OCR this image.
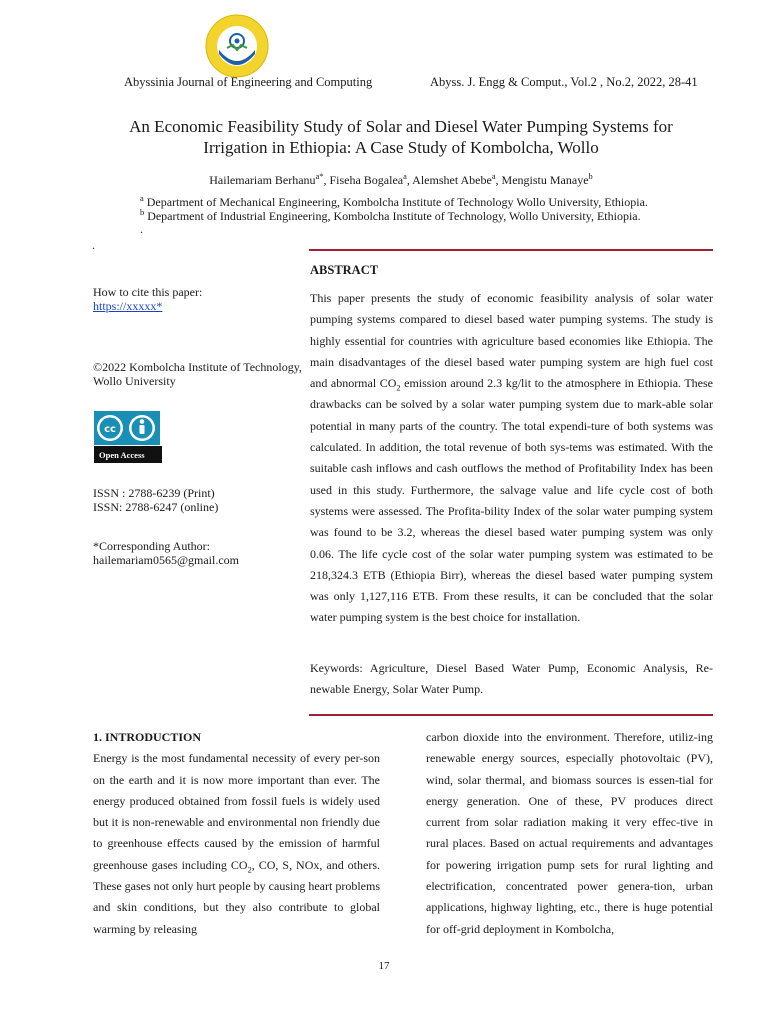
Abyssinia Journal of Engineering and Computing	Abyss. J. Engg & Comput., Vol.2 , No.2, 2022, 28-41
An Economic Feasibility Study of Solar and Diesel Water Pumping Systems for
Irrigation in Ethiopia: A Case Study of Kombolcha, Wollo
Hailemariam Berhanu$^{a*}$, Fiseha Bogalea$^a$, Alemshet Abebe$^a$, Mengistu Manaye$^b$
$^a$ Department of Mechanical Engineering, Kombolcha Institute of Technology Wollo University, Ethiopia.
$^b$ Department of Industrial Engineering, Kombolcha Institute of Technology, Wollo University, Ethiopia.
.
.
ABSTRACT
This paper presents the study of economic feasibility analysis of solar water pumping systems compared to diesel based water pumping systems. The study is highly essential for countries with agriculture based economies like Ethiopia. The main disadvantages of the diesel based water pumping system are high fuel cost and abnormal $CO_2$ emission around 2.3 kg/lit to the atmosphere in Ethiopia. These drawbacks can be solved by a solar water pumping system due to mark-able solar potential in many parts of the country. The total expendi-ture of both systems was calculated. In addition, the total revenue of both sys-tems was estimated. With the suitable cash inflows and cash outflows the method of Profitability Index has been used in this study. Furthermore, the salvage value and life cycle cost of both systems were assessed. The Profita-bility Index of the solar water pumping system was found to be 3.2, whereas the diesel based water pumping system was only 0.06. The life cycle cost of the solar water pumping system was estimated to be 218,324.3 ETB (Ethiopia Birr), whereas the diesel based water pumping system was only 1,127,116 ETB. From these results, it can be concluded that the solar water pumping system is the best choice for installation.
Keywords: Agriculture, Diesel Based Water Pump, Economic Analysis, Re-newable Energy, Solar Water Pump.
How to cite this paper:
https://xxxxx*
©2022 Kombolcha Institute of Technology, Wollo University
cc
Open Access
ISSN : 2788-6239 (Print)
ISSN: 2788-6247 (online)
*Corresponding Author: hailemariam0565@gmail.com
1. INTRODUCTION
Energy is the most fundamental necessity of every per-son on the earth and it is now more important than ever. The energy produced obtained from fossil fuels is widely used but it is non-renewable and environmental non friendly due to greenhouse effects caused by the emission of harmful greenhouse gases including $CO_2$, CO, S, NOx, and others. These gases not only hurt people by causing heart problems and skin conditions, but they also contribute to global warming by releasing
carbon dioxide into the environment. Therefore, utiliz-ing renewable energy sources, especially photovoltaic (PV), wind, solar thermal, and biomass sources is essen-tial for energy generation. One of these, PV produces direct current from solar radiation making it very effec-tive in rural places. Based on actual requirements and advantages for powering irrigation pump sets for rural lighting and electrification, concentrated power genera-tion, urban applications, highway lighting, etc., there is huge potential for off-grid deployment in Kombolcha,
17
